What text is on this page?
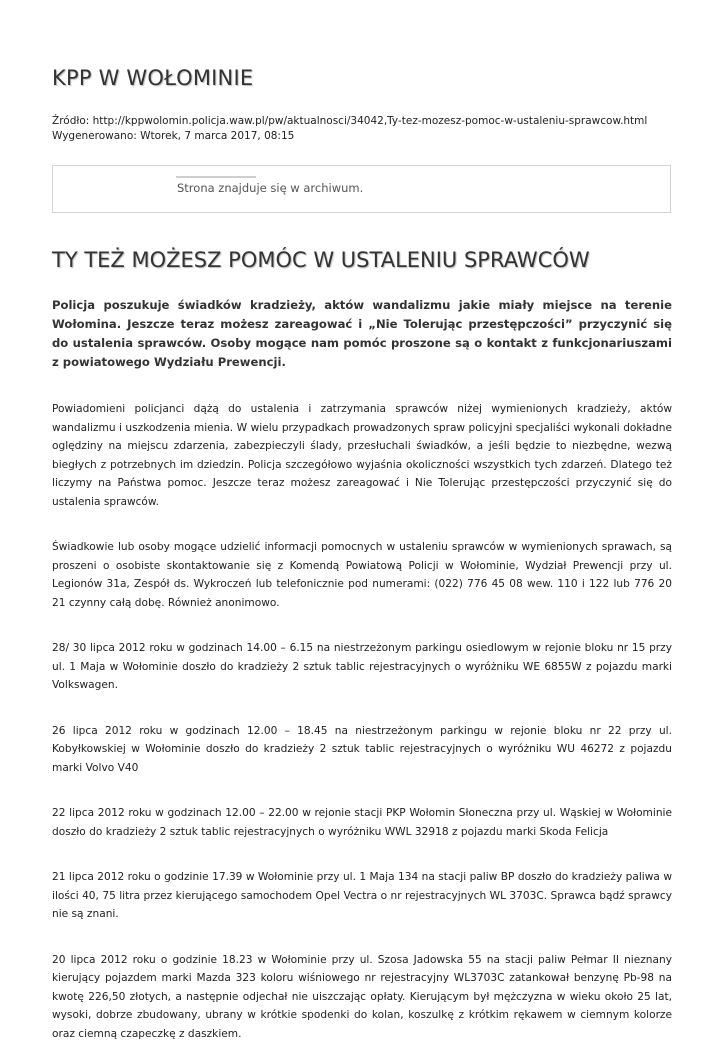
KPP W WOŁOMINIE
Źródło: http://kppwolomin.policja.waw.pl/pw/aktualnosci/34042,Ty-tez-mozesz-pomoc-w-ustaleniu-sprawcow.html
Wygenerowano: Wtorek, 7 marca 2017, 08:15
Strona znajduje się w archiwum.
TY TEŻ MOŻESZ POMÓC W USTALENIU SPRAWCÓW

Policja poszukuje świadków kradzieży, aktów wandalizmu jakie miały miejsce na terenie Wołomina. Jeszcze teraz możesz zareagować i „Nie Tolerując przestępczości” przyczynić się do ustalenia sprawców. Osoby mogące nam pomóc proszone są o kontakt z funkcjonariuszami z powiatowego Wydziału Prewencji.

Powiadomieni policjanci dążą do ustalenia i zatrzymania sprawców niżej wymienionych kradzieży, aktów wandalizmu i uszkodzenia mienia. W wielu przypadkach prowadzonych spraw policyjni specjaliści wykonali dokładne oględziny na miejscu zdarzenia, zabezpieczyli ślady, przesłuchali świadków, a jeśli będzie to niezbędne, wezwą biegłych z potrzebnych im dziedzin. Policja szczegółowo wyjaśnia okoliczności wszystkich tych zdarzeń. Dlatego też liczymy na Państwa pomoc. Jeszcze teraz możesz zareagować i Nie Tolerując przestępczości przyczynić się do ustalenia sprawców.

Świadkowie lub osoby mogące udzielić informacji pomocnych w ustaleniu sprawców w wymienionych sprawach, są proszeni o osobiste skontaktowanie się z Komendą Powiatową Policji w Wołominie, Wydział Prewencji przy ul. Legionów 31a, Zespół ds. Wykroczeń lub telefonicznie pod numerami: (022) 776 45 08 wew. 110 i 122 lub 776 20 21 czynny całą dobę. Również anonimowo.

28/ 30 lipca 2012 roku w godzinach 14.00 – 6.15 na niestrzeżonym parkingu osiedlowym w rejonie bloku nr 15 przy ul. 1 Maja w Wołominie doszło do kradzieży 2 sztuk tablic rejestracyjnych o wyróżniku WE 6855W z pojazdu marki Volkswagen.

26 lipca 2012 roku w godzinach 12.00 – 18.45 na niestrzeżonym parkingu w rejonie bloku nr 22 przy ul. Kobyłkowskiej w Wołominie doszło do kradzieży 2 sztuk tablic rejestracyjnych o wyróżniku WU 46272 z pojazdu marki Volvo V40

22 lipca 2012 roku w godzinach 12.00 – 22.00 w rejonie stacji PKP Wołomin Słoneczna przy ul. Wąskiej w Wołominie doszło do kradzieży 2 sztuk tablic rejestracyjnych o wyróżniku WWL 32918 z pojazdu marki Skoda Felicja

21 lipca 2012 roku o godzinie 17.39 w Wołominie przy ul. 1 Maja 134 na stacji paliw BP doszło do kradzieży paliwa w ilości 40, 75 litra przez kierującego samochodem Opel Vectra o nr rejestracyjnych WL 3703C. Sprawca bądź sprawcy nie są znani.

20 lipca 2012 roku o godzinie 18.23 w Wołominie przy ul. Szosa Jadowska 55 na stacji paliw Pełmar II nieznany kierujący pojazdem marki Mazda 323 koloru wiśniowego nr rejestracyjny WL3703C zatankował benzynę Pb-98 na kwotę 226,50 złotych, a następnie odjechał nie uiszczając opłaty. Kierującym był mężczyzna w wieku około 25 lat, wysoki, dobrze zbudowany, ubrany w krótkie spodenki do kolan, koszulkę z krótkim rękawem w ciemnym kolorze oraz ciemną czapeczkę z daszkiem.
